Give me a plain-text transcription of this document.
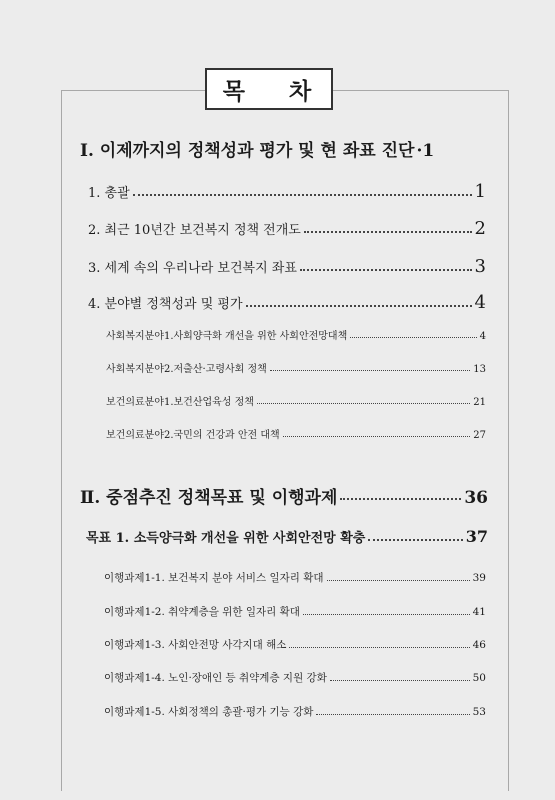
목 차
Ⅰ. 이제까지의 정책성과 평가 및 현 좌표 진단 ·1
1. 총괄	1
2. 최근 10년간 보건복지 정책 전개도	2
3. 세계 속의 우리나라 보건복지 좌표	3
4. 분야별 정책성과 및 평가	4
사회복지분야1.사회양극화 개선을 위한 사회안전망대책	4
사회복지분야2.저출산·고령사회 정책	13
보건의료분야1.보건산업육성 정책	21
보건의료분야2.국민의 건강과 안전 대책	27
Ⅱ. 중점추진 정책목표 및 이행과제	36
목표 1. 소득양극화 개선을 위한 사회안전망 확충	37
이행과제1-1. 보건복지 분야 서비스 일자리 확대	39
이행과제1-2. 취약계층을 위한 일자리 확대	41
이행과제1-3. 사회안전망 사각지대 해소	46
이행과제1-4. 노인·장애인 등 취약계층 지원 강화	50
이행과제1-5. 사회정책의 총괄·평가 기능 강화	53
